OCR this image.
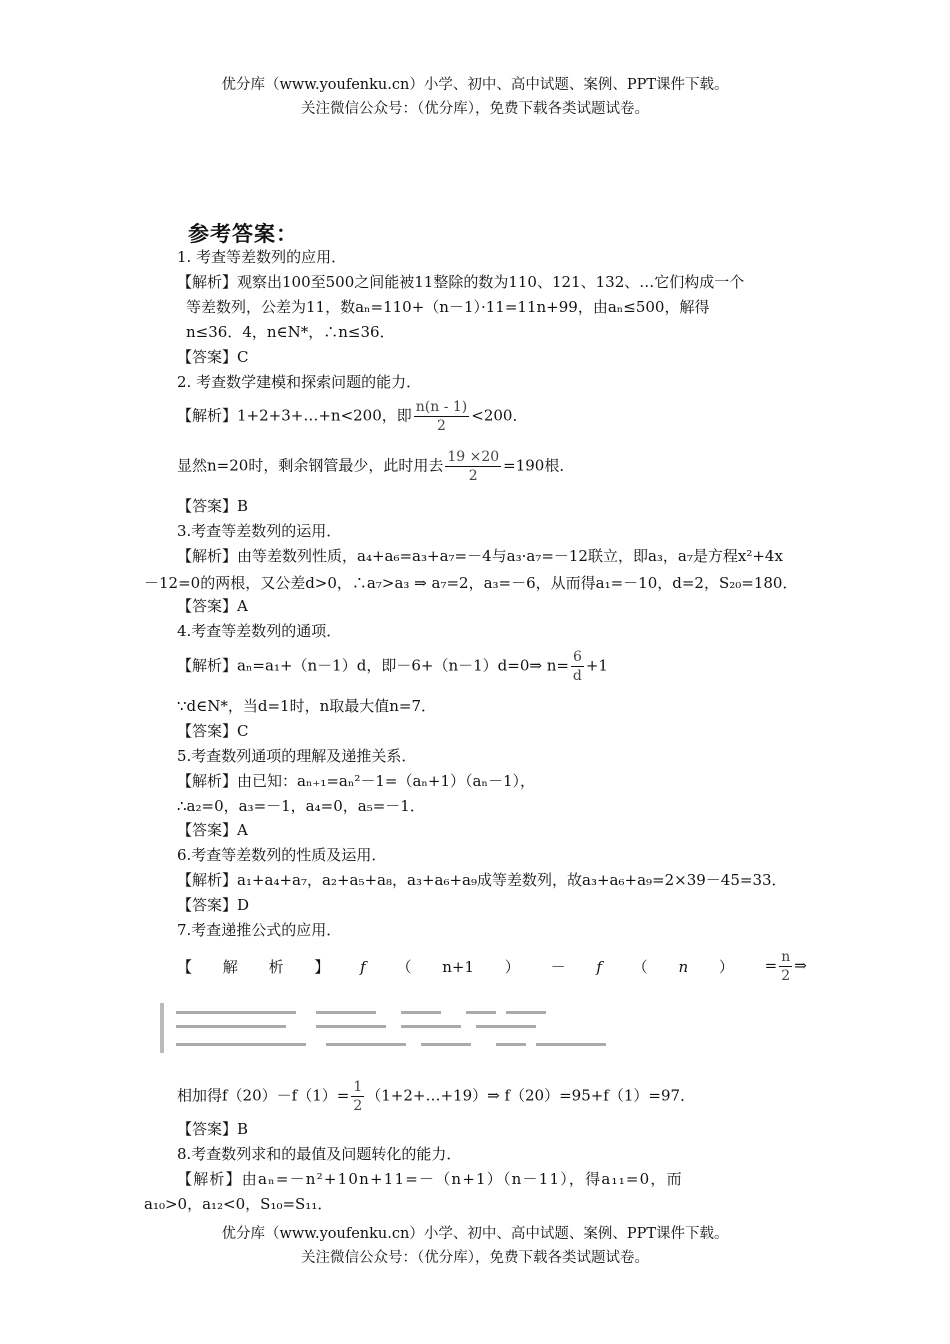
优分库（www.youfenku.cn）小学、初中、高中试题、案例、PPT课件下载。
关注微信公众号：（优分库），免费下载各类试题试卷。
参考答案：
1. 考查等差数列的应用．
【解析】观察出100至500之间能被11整除的数为110、121、132、…它们构成一个
等差数列，公差为11，数aₙ=110+（n－1）·11=11n+99，由aₙ≤500，解得
n≤36．4，n∈N*，∴n≤36．
【答案】C
2. 考查数学建模和探索问题的能力．
【解析】1+2+3+…+n<200，即 $\frac{n(n - 1)}{2} <200$．
显然n=20时，剩余钢管最少，此时用去 $\frac{19 \times 20}{2} =190$根．
【答案】B
3.考查等差数列的运用．
【解析】由等差数列性质，a₄+a₆=a₃+a₇=－4与a₃·a₇=－12联立，即a₃，a₇是方程x²+4x
－12=0的两根，又公差d>0，∴a₇>a₃ ⇒ a₇=2，a₃=－6，从而得a₁=－10，d=2，S₂₀=180．
【答案】A
4.考查等差数列的通项．
【解析】aₙ=a₁+（n－1）d，即－6+（n－1）d=0⇒ $n= \frac{6}{d} +1$
∵d∈N*，当d=1时，n取最大值n=7．
【答案】C
5.考查数列通项的理解及递推关系．
【解析】由已知：aₙ₊₁=aₙ²－1=（aₙ+1）（aₙ－1），
∴a₂=0，a₃=－1，a₄=0，a₅=－1．
【答案】A
6.考查等差数列的性质及运用．
【解析】a₁+a₄+a₇，a₂+a₅+a₈，a₃+a₆+a₉成等差数列，故a₃+a₆+a₉=2×39－45=33．
【答案】D
7.考查递推公式的应用．
【 解 析 】 f （ n+1 ） － f （ n ） = $\frac{n}{2}$ ⇒
相加得$f(20)-f(1)= \frac{1}{2}$ （1+2+…+19）⇒ f（20）=95+f（1）=97．
【答案】B
8.考查数列求和的最值及问题转化的能力．
【解析】由aₙ=－n²+10n+11=－（n+1）（n－11），得a₁₁=0，而
a₁₀>0，a₁₂<0，S₁₀=S₁₁．
优分库（www.youfenku.cn）小学、初中、高中试题、案例、PPT课件下载。
关注微信公众号：（优分库），免费下载各类试题试卷。
